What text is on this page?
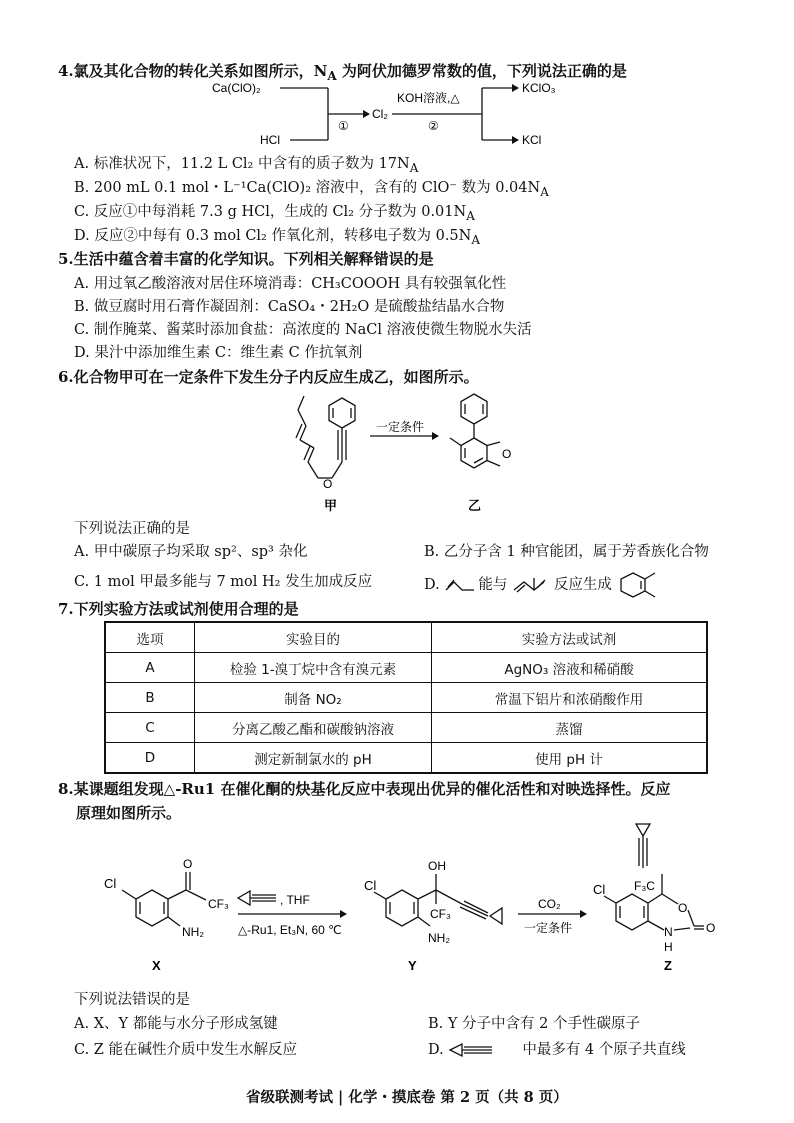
4.氯及其化合物的转化关系如图所示，$N_A$ 为阿伏加德罗常数的值，下列说法正确的是
Ca(ClO)₂
HCl
①
Cl₂
KOH溶液,△
②
KClO₃
KCl
A. 标准状况下，11.2 L Cl₂ 中含有的质子数为 $17N_A$
B. 200 mL 0.1 mol・L⁻¹Ca(ClO)₂ 溶液中，含有的 ClO⁻ 数为 $0.04N_A$
C. 反应①中每消耗 7.3 g HCl，生成的 Cl₂ 分子数为 $0.01N_A$
D. 反应②中每有 0.3 mol Cl₂ 作氧化剂，转移电子数为 $0.5N_A$
5.生活中蕴含着丰富的化学知识。下列相关解释错误的是
A. 用过氧乙酸溶液对居住环境消毒：CH₃COOOH 具有较强氧化性
B. 做豆腐时用石膏作凝固剂：CaSO₄・2H₂O 是硫酸盐结晶水合物
C. 制作腌菜、酱菜时添加食盐：高浓度的 NaCl 溶液使微生物脱水失活
D. 果汁中添加维生素 C：维生素 C 作抗氧剂
6.化合物甲可在一定条件下发生分子内反应生成乙，如图所示。
O
甲
一定条件
O
乙
下列说法正确的是
A. 甲中碳原子均采取 sp²、sp³ 杂化	B. 乙分子含 1 种官能团，属于芳香族化合物
C. 1 mol 甲最多能与 7 mol H₂ 发生加成反应	D.	能与	反应生成
7.下列实验方法或试剂使用合理的是
选项	实验目的	实验方法或试剂
A	检验 1-溴丁烷中含有溴元素	AgNO₃ 溶液和稀硝酸
B	制备 NO₂	常温下铝片和浓硝酸作用
C	分离乙酸乙酯和碳酸钠溶液	蒸馏
D	测定新制氯水的 pH	使用 pH 计
8.某课题组发现△-Ru1 在催化酮的炔基化反应中表现出优异的催化活性和对映选择性。反应
原理如图所示。
Cl
O
CF₃
NH₂
X
, THF
△-Ru1, Et₃N, 60 ℃
Cl
OH
CF₃
NH₂
Y
CO₂
一定条件
Cl F₃C
O
N
H
O
Z
下列说法错误的是
A. X、Y 都能与水分子形成氢键	B. Y 分子中含有 2 个手性碳原子
C. Z 能在碱性介质中发生水解反应	D.	中最多有 4 个原子共直线
省级联测考试 | 化学・摸底卷 第 2 页（共 8 页）
